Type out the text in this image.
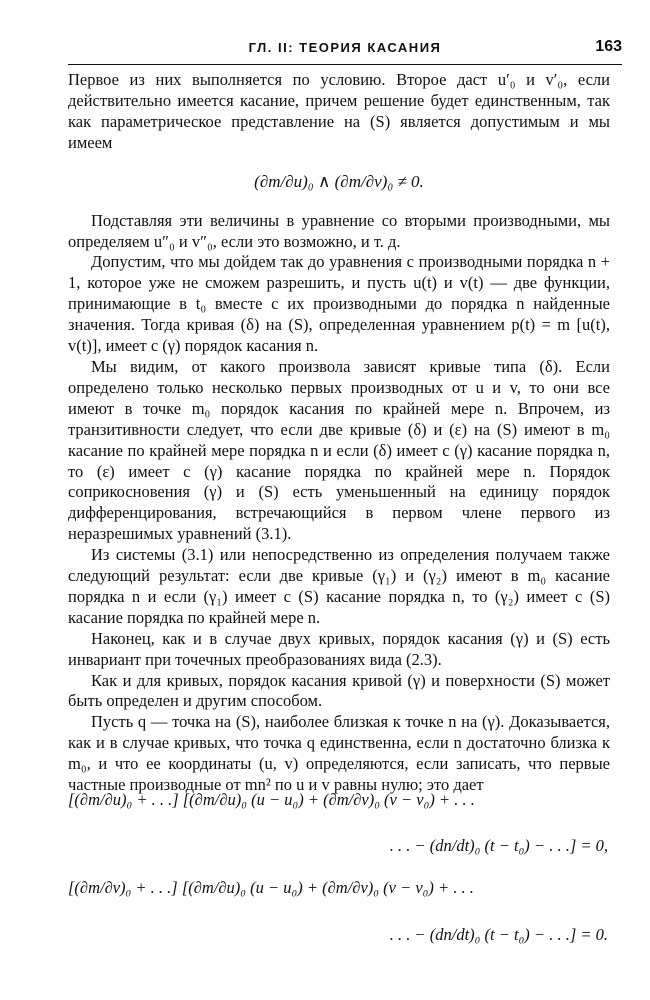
ГЛ. II: ТЕОРИЯ КАСАНИЯ	163

Первое из них выполняется по условию. Второе даст u′₀ и v′₀, если действительно имеется касание, причем решение будет единственным, так как параметрическое представление на (S) является допустимым и мы имеем

(∂m/∂u)₀ ∧ (∂m/∂v)₀ ≠ 0.

Подставляя эти величины в уравнение со вторыми производными, мы определяем u″₀ и v″₀, если это возможно, и т. д.

Допустим, что мы дойдем так до уравнения с производными порядка n + 1, которое уже не сможем разрешить, и пусть u(t) и v(t) — две функции, принимающие в t₀ вместе с их производными до порядка n найденные значения. Тогда кривая (δ) на (S), определенная уравнением p(t) = m [u(t), v(t)], имеет с (γ) порядок касания n.

Мы видим, от какого произвола зависят кривые типа (δ). Если определено только несколько первых производных от u и v, то они все имеют в точке m₀ порядок касания по крайней мере n. Впрочем, из транзитивности следует, что если две кривые (δ) и (ε) на (S) имеют в m₀ касание по крайней мере порядка n и если (δ) имеет с (γ) касание порядка n, то (ε) имеет с (γ) касание порядка по крайней мере n. Порядок соприкосновения (γ) и (S) есть уменьшенный на единицу порядок дифференцирования, встречающийся в первом члене первого из неразрешимых уравнений (3.1).

Из системы (3.1) или непосредственно из определения получаем также следующий результат: если две кривые (γ₁) и (γ₂) имеют в m₀ касание порядка n и если (γ₁) имеет с (S) касание порядка n, то (γ₂) имеет с (S) касание порядка по крайней мере n.

Наконец, как и в случае двух кривых, порядок касания (γ) и (S) есть инвариант при точечных преобразованиях вида (2.3).

Как и для кривых, порядок касания кривой (γ) и поверхности (S) может быть определен и другим способом.

Пусть q — точка на (S), наиболее близкая к точке n на (γ). Доказывается, как и в случае кривых, что точка q единственна, если n достаточно близка к m₀, и что ее координаты (u, v) определяются, если записать, что первые частные производные от mn² по u и v равны нулю; это дает

[(∂m/∂u)₀ + . . .] [(∂m/∂u)₀ (u − u₀) + (∂m/∂v)₀ (v − v₀) + . . .
. . . − (dn/dt)₀ (t − t₀) − . . .] = 0,
[(∂m/∂v)₀ + . . .] [(∂m/∂u)₀ (u − u₀) + (∂m/∂v)₀ (v − v₀) + . . .
. . . − (dn/dt)₀ (t − t₀) − . . .] = 0.
